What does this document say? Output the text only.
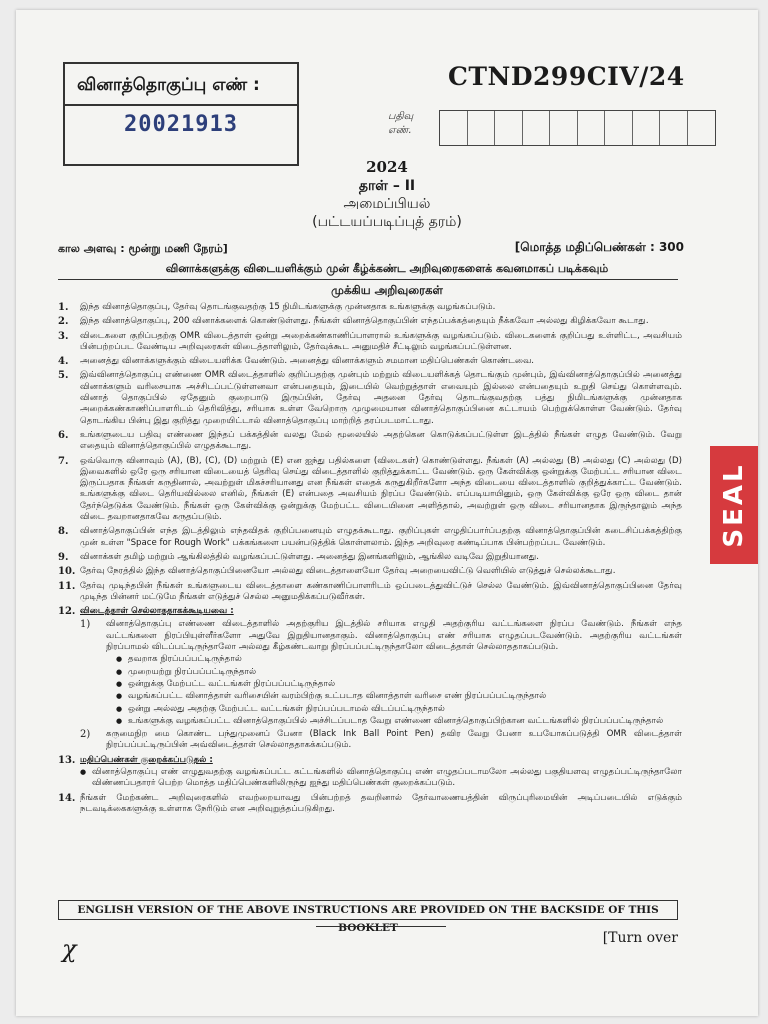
வினாத்தொகுப்பு எண் :
20021913
CTND299CIV/24
பதிவு எண்.
2024
தாள் – II
அமைப்பியல்
(பட்டயப்படிப்புத் தரம்)
கால அளவு : மூன்று மணி நேரம்]	[மொத்த மதிப்பெண்கள் : 300
வினாக்களுக்கு விடையளிக்கும் முன் கீழ்க்கண்ட அறிவுரைகளைக் கவனமாகப் படிக்கவும்
முக்கிய அறிவுரைகள்
1.	இந்த வினாத்தொகுப்பு, தேர்வு தொடங்குவதற்கு 15 நிமிடங்களுக்கு முன்னதாக உங்களுக்கு வழங்கப்படும்.
2.	இந்த வினாத்தொகுப்பு, 200 வினாக்களைக் கொண்டுள்ளது. நீங்கள் வினாத்தொகுப்பின் எந்தப்பக்கத்தையும் நீக்கவோ அல்லது கிழிக்கவோ கூடாது.
3.	விடைகளை குறிப்பதற்கு OMR விடைத்தாள் ஒன்று அறைக்கண்காணிப்பாளரால் உங்களுக்கு வழங்கப்படும். விடைகளைக் குறிப்பது உள்ளிட்ட, அவசியம் பின்பற்றப்பட வேண்டிய அறிவுரைகள் விடைத்தாளிலும், தேர்வுக்கூட அனுமதிச் சீட்டிலும் வழங்கப்பட்டுள்ளன.
4.	அனைத்து வினாக்களுக்கும் விடையளிக்க வேண்டும். அனைத்து வினாக்களும் சமமான மதிப்பெண்கள் கொண்டவை.
5.	இவ்வினாத்தொகுப்பு எண்ணை OMR விடைத்தாளில் குறிப்பதற்கு முன்பும் மற்றும் விடையளிக்கத் தொடங்கும் முன்பும், இவ்வினாத்தொகுப்பில் அனைத்து வினாக்களும் வரிசையாக அச்சிடப்பட்டுள்ளனவா என்பதையும், இடையில் வெற்றுத்தாள் எவையும் இல்லை என்பதையும் உறுதி செய்து கொள்ளவும். வினாத் தொகுப்பில் ஏதேனும் குறைபாடு இருப்பின், தேர்வு அதனை தேர்வு தொடங்குவதற்கு பத்து நிமிடங்களுக்கு முன்னதாக அறைக்கண்காணிப்பாளரிடம் தெரிவித்து, சரியாக உள்ள வேறொரு முழுமையான வினாத்தொகுப்பினை கட்டாயம் பெற்றுக்கொள்ள வேண்டும். தேர்வு தொடங்கிய பின்பு இது குறித்து முறையிட்டால் வினாத்தொகுப்பு மாற்றித் தரப்படமாட்டாது.
6.	உங்களுடைய பதிவு எண்ணை இந்தப் பக்கத்தின் வலது மேல் மூலையில் அதற்கென கொடுக்கப்பட்டுள்ள இடத்தில் நீங்கள் எழுத வேண்டும். வேறு எதையும் வினாத்தொகுப்பில் எழுதக்கூடாது.
7.	ஒவ்வொரு வினாவும் (A), (B), (C), (D) மற்றும் (E) என ஐந்து பதில்களை (விடைகள்) கொண்டுள்ளது. நீங்கள் (A) அல்லது (B) அல்லது (C) அல்லது (D) இவைகளில் ஒரே ஒரு சரியான விடையைத் தெரிவு செய்து விடைத்தாளில் குறித்துக்காட்ட வேண்டும். ஒரு கேள்விக்கு ஒன்றுக்கு மேற்பட்ட சரியான விடை இருப்பதாக நீங்கள் கருதினால், அவற்றுள் மிகச்சரியானது என நீங்கள் எதைக் கருதுகிறீர்களோ அந்த விடையை விடைத்தாளில் குறித்துக்காட்ட வேண்டும். உங்களுக்கு விடை தெரியவில்லை எனில், நீங்கள் (E) என்பதை அவசியம் நிரப்ப வேண்டும். எப்படியாயினும், ஒரு கேள்விக்கு ஒரே ஒரு விடை தான் தேர்ந்தெடுக்க வேண்டும். நீங்கள் ஒரு கேள்விக்கு ஒன்றுக்கு மேற்பட்ட விடையினை அளித்தால், அவற்றுள் ஒரு விடை சரியானதாக இருந்தாலும் அந்த விடை தவறானதாகவே கருதப்படும்.
8.	வினாத்தொகுப்பின் எந்த இடத்திலும் எந்தவிதக் குறிப்பனையும் எழுதக்கூடாது. குறிப்புகள் எழுதிப்பார்ப்பதற்கு வினாத்தொகுப்பின் கடைசிப்பக்கத்திற்கு முன் உள்ள "Space for Rough Work" பக்கங்களை பயன்படுத்திக் கொள்ளலாம். இந்த அறிவுரை கண்டிப்பாக பின்பற்றப்பட வேண்டும்.
9.	வினாக்கள் தமிழ் மற்றும் ஆங்கிலத்தில் வழங்கப்பட்டுள்ளது. அனைத்து இனங்களிலும், ஆங்கில வடிவே இறுதியானது.
10. தேர்வு நேரத்தில் இந்த வினாத்தொகுப்பினையோ அல்லது விடைத்தாளையோ தேர்வு அறையைவிட்டு வெளியில் எடுத்துச் செல்லக்கூடாது.
11. தேர்வு முடிந்தபின் நீங்கள் உங்களுடைய விடைத்தாளை கண்காணிப்பாளரிடம் ஒப்படைத்துவிட்டுச் செல்ல வேண்டும். இவ்வினாத்தொகுப்பினை தேர்வு முடிந்த பின்னர் மட்டுமே நீங்கள் எடுத்துச் செல்ல அனுமதிக்கப்படுவீர்கள்.
12. விடைத்தாள் செல்லாததாகக்கூடியவை :
1)	வினாத்தொகுப்பு எண்ணை விடைத்தாளில் அதற்குரிய இடத்தில் சரியாக எழுதி அதற்குரிய வட்டங்களை நிரப்ப வேண்டும். நீங்கள் எந்த வட்டங்களை நிரப்பியுள்ளீர்களோ அதுவே இறுதியானதாகும். வினாத்தொகுப்பு எண் சரியாக எழுதப்படவேண்டும். அதற்குரிய வட்டங்கள் நிரப்பாமல் விடப்பட்டிருந்தாலோ அல்லது கீழ்கண்டவாறு நிரப்பப்பட்டிருந்தாலோ விடைத்தாள் செல்லாததாகப்படும்.
● தவறாக நிரப்பப்பட்டிருந்தால்
● முறையற்று நிரப்பப்பட்டிருந்தால்
● ஒன்றுக்கு மேற்பட்ட வட்டங்கள் நிரப்பப்பட்டிருந்தால்
● வழங்கப்பட்ட வினாத்தாள் வரிசையின் வரம்பிற்கு உட்படாத வினாத்தாள் வரிசை எண் நிரப்பப்பட்டிருந்தால்
● ஒன்று அல்லது அதற்கு மேற்பட்ட வட்டங்கள் நிரப்பப்படாமல் விடப்பட்டிருந்தால்
● உங்களுக்கு வழங்கப்பட்ட வினாத்தொகுப்பில் அச்சிடப்படாத வேறு எண்ணை வினாத்தொகுப்பிற்கான வட்டங்களில் நிரப்பப்பட்டிருந்தால்
2)	கருமைநிற மை கொண்ட பந்துமுனைப் பேனா (Black Ink Ball Point Pen) தவிர வேறு பேனா உபயோகப்படுத்தி OMR விடைத்தாள் நிரப்பப்பட்டிருப்பின் அவ்விடைத்தாள் செல்லாததாகக்கப்படும்.
13. மதிப்பெண்கள் குறைக்கப்படுதல் :
● வினாத்தொகுப்பு எண் எழுதுவதற்கு வழங்கப்பட்ட கட்டங்களில் வினாத்தொகுப்பு எண் எழுதப்படாமலோ அல்லது பகுதியளவு எழுதப்பட்டிருந்தாலோ விண்ணப்பதாரர் பெற்ற மொத்த மதிப்பெண்களிலிருந்து ஐந்து மதிப்பெண்கள் குறைக்கப்படும்.
14. நீங்கள் மேற்கண்ட அறிவுரைகளில் எவற்றையாவது பின்பற்றத் தவறினால் தேர்வாணையத்தின் விருப்புரிமையின் அடிப்படையில் எடுக்கும் நடவடிக்கைகளுக்கு உள்ளாக நேரிடும் என அறிவுறுத்தப்படுகிறது.
ENGLISH VERSION OF THE ABOVE INSTRUCTIONS ARE PROVIDED ON THE BACKSIDE OF THIS BOOKLET
χ	[Turn over
SEAL
